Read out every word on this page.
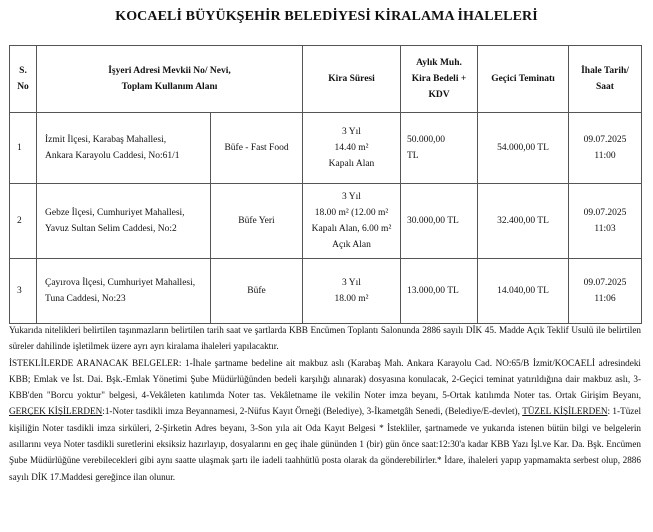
KOCAELİ BÜYÜKŞEHİR BELEDİYESİ KİRALAMA İHALELERİ
S.
No	İşyeri Adresi Mevkii No/ Nevi,
Toplam Kullanım Alanı		Kira Süresi	Aylık Muh.
Kira Bedeli +
KDV	Geçici Teminatı	İhale Tarih/
Saat

1	İzmit İlçesi, Karabaş Mahallesi,
Ankara Karayolu Caddesi, No:61/1	Büfe - Fast Food	3 Yıl
14.40 m²
Kapalı Alan	50.000,00
TL	54.000,00 TL	09.07.2025
11:00

2	Gebze İlçesi, Cumhuriyet Mahallesi,
Yavuz Sultan Selim Caddesi, No:2	Büfe Yeri	3 Yıl
18.00 m² (12.00 m²
Kapalı Alan, 6.00 m²
Açık Alan	30.000,00 TL	32.400,00 TL	09.07.2025
11:03

3	Çayırova İlçesi, Cumhuriyet Mahallesi,
Tuna Caddesi, No:23	Büfe	3 Yıl
18.00 m²	13.000,00 TL	14.040,00 TL	09.07.2025
11:06

Yukarıda nitelikleri belirtilen taşınmazların belirtilen tarih saat ve şartlarda KBB Encümen Toplantı Salonunda 2886 sayılı DİK 45. Madde Açık Teklif Usulü ile belirtilen süreler dahilinde işletilmek üzere ayrı ayrı kiralama ihaleleri yapılacaktır.

İSTEKLİLERDE ARANACAK BELGELER: 1-İhale şartname bedeline ait makbuz aslı (Karabaş Mah. Ankara Karayolu Cad. NO:65/B İzmit/KOCAELİ adresindeki KBB; Emlak ve İst. Dai. Bşk.-Emlak Yönetimi Şube Müdürlüğünden bedeli karşılığı alınarak) dosyasına konulacak, 2-Geçici teminat yatırıldığına dair makbuz aslı, 3-KBB'den "Borcu yoktur" belgesi, 4-Vekâleten katılımda Noter tas. Vekâletname ile vekilin Noter imza beyanı, 5-Ortak katılımda Noter tas. Ortak Girişim Beyanı, GERÇEK KİŞİLERDEN:1-Noter tasdikli imza Beyannamesi, 2-Nüfus Kayıt Örneği (Belediye), 3-İkametgâh Senedi, (Belediye/E-devlet), TÜZEL KİŞİLERDEN: 1-Tüzel kişiliğin Noter tasdikli imza sirküleri, 2-Şirketin Adres beyanı, 3-Son yıla ait Oda Kayıt Belgesi * İstekliler, şartnamede ve yukarıda istenen bütün bilgi ve belgelerin asıllarını veya Noter tasdikli suretlerini eksiksiz hazırlayıp, dosyalarını en geç ihale gününden 1 (bir) gün önce saat:12:30'a kadar KBB Yazı İşl.ve Kar. Da. Bşk. Encümen Şube Müdürlüğüne verebilecekleri gibi aynı saatte ulaşmak şartı ile iadeli taahhütlü posta olarak da gönderebilirler.* İdare, ihaleleri yapıp yapmamakta serbest olup, 2886 sayılı DİK 17.Maddesi gereğince ilan olunur.
